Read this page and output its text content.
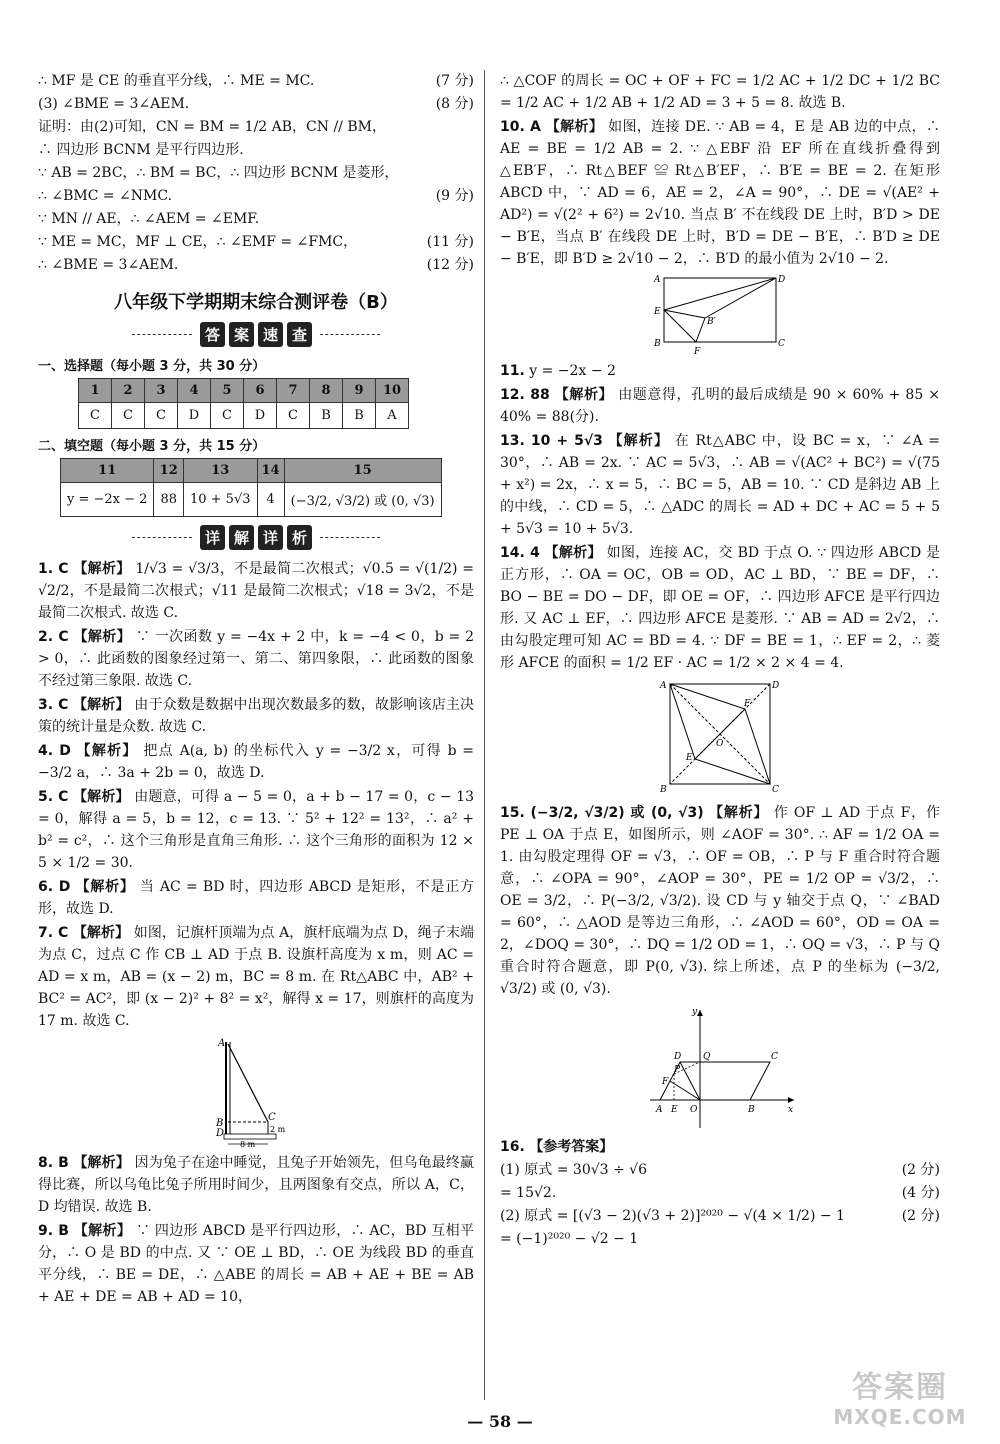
∴ MF 是 CE 的垂直平分线，∴ ME = MC.	(7 分)
(3) ∠BME = 3∠AEM.	(8 分)
证明：由(2)可知，CN = BM = 1/2 AB，CN // BM，
∴ 四边形 BCNM 是平行四边形.
∵ AB = 2BC，∴ BM = BC，∴ 四边形 BCNM 是菱形，
∴ ∠BMC = ∠NMC.	(9 分)
∵ MN // AE，∴ ∠AEM = ∠EMF.
∵ ME = MC，MF ⊥ CE，∴ ∠EMF = ∠FMC，	(11 分)
∴ ∠BME = 3∠AEM.	(12 分)
八年级下学期期末综合测评卷（B）
答 案 速 查
一、选择题（每小题 3 分，共 30 分）
1	2	3	4	5	6	7	8	9	10
C	C	C	D	C	D	C	B	B	A
二、填空题（每小题 3 分，共 15 分）
11	12	13	14	15
y = −2x − 2	88	10 + 5√3	4	(−3/2, √3/2) 或 (0, √3)
详 解 详 析
1. C 【解析】 1/√3 = √3/3，不是最简二次根式；√0.5 = √(1/2) = √2/2，不是最简二次根式；√11 是最简二次根式；√18 = 3√2，不是最简二次根式. 故选 C.
2. C 【解析】 ∵ 一次函数 y = −4x + 2 中，k = −4 < 0，b = 2 > 0，∴ 此函数的图象经过第一、第二、第四象限，∴ 此函数的图象不经过第三象限. 故选 C.
3. C 【解析】 由于众数是数据中出现次数最多的数，故影响该店主决策的统计量是众数. 故选 C.
4. D 【解析】 把点 A(a, b) 的坐标代入 y = −3/2 x，可得 b = −3/2 a，∴ 3a + 2b = 0，故选 D.
5. C 【解析】 由题意，可得 a − 5 = 0，a + b − 17 = 0，c − 13 = 0，解得 a = 5，b = 12，c = 13. ∵ 5² + 12² = 13²，∴ a² + b² = c²，∴ 这个三角形是直角三角形. ∴ 这个三角形的面积为 12 × 5 × 1/2 = 30.
6. D 【解析】 当 AC = BD 时，四边形 ABCD 是矩形，不是正方形，故选 D.
7. C 【解析】 如图，记旗杆顶端为点 A，旗杆底端为点 D，绳子末端为点 C，过点 C 作 CB ⊥ AD 于点 B. 设旗杆高度为 x m，则 AC = AD = x m，AB = (x − 2) m，BC = 8 m. 在 Rt△ABC 中，AB² + BC² = AC²，即 (x − 2)² + 8² = x²，解得 x = 17，则旗杆的高度为 17 m. 故选 C.
A
B
D
C
2 m
8 m
8. B 【解析】 因为兔子在途中睡觉，且兔子开始领先，但乌龟最终赢得比赛，所以乌龟比兔子所用时间少，且两图象有交点，所以 A，C，D 均错误. 故选 B.
9. B 【解析】 ∵ 四边形 ABCD 是平行四边形，∴ AC，BD 互相平分，∴ O 是 BD 的中点. 又 ∵ OE ⊥ BD，∴ OE 为线段 BD 的垂直平分线，∴ BE = DE，∴ △ABE 的周长 = AB + AE + BE = AB + AE + DE = AB + AD = 10，
∴ △COF 的周长 = OC + OF + FC = 1/2 AC + 1/2 DC + 1/2 BC = 1/2 AC + 1/2 AB + 1/2 AD = 3 + 5 = 8. 故选 B.
10. A 【解析】 如图，连接 DE. ∵ AB = 4，E 是 AB 边的中点，∴ AE = BE = 1/2 AB = 2. ∵ △EBF 沿 EF 所在直线折叠得到 △EB′F，∴ Rt△BEF ≌ Rt△B′EF，∴ B′E = BE = 2. 在矩形 ABCD 中，∵ AD = 6，AE = 2，∠A = 90°，∴ DE = √(AE² + AD²) = √(2² + 6²) = 2√10. 当点 B′ 不在线段 DE 上时，B′D > DE − B′E，当点 B′ 在线段 DE 上时，B′D = DE − B′E，∴ B′D ≥ DE − B′E，即 B′D ≥ 2√10 − 2，∴ B′D 的最小值为 2√10 − 2.
A	D
E
B′
B
F
C
11. y = −2x − 2
12. 88 【解析】 由题意得，孔明的最后成绩是 90 × 60% + 85 × 40% = 88(分).
13. 10 + 5√3 【解析】 在 Rt△ABC 中，设 BC = x，∵ ∠A = 30°，∴ AB = 2x. ∵ AC = 5√3，∴ AB = √(AC² + BC²) = √(75 + x²) = 2x，∴ x = 5，∴ BC = 5，AB = 10. ∵ CD 是斜边 AB 上的中线，∴ CD = 5，∴ △ADC 的周长 = AD + DC + AC = 5 + 5 + 5√3 = 10 + 5√3.
14. 4 【解析】 如图，连接 AC，交 BD 于点 O. ∵ 四边形 ABCD 是正方形，∴ OA = OC，OB = OD，AC ⊥ BD，∵ BE = DF，∴ BO − BE = DO − DF，即 OE = OF，∴ 四边形 AFCE 是平行四边形. 又 AC ⊥ EF，∴ 四边形 AFCE 是菱形. ∵ AB = AD = 2√2，∴ 由勾股定理可知 AC = BD = 4. ∵ DF = BE = 1，∴ EF = 2，∴ 菱形 AFCE 的面积 = 1/2 EF · AC = 1/2 × 2 × 4 = 4.
A	D
F
O
E
B	C
15. (−3/2, √3/2) 或 (0, √3) 【解析】 作 OF ⊥ AD 于点 F，作 PE ⊥ OA 于点 E，如图所示，则 ∠AOF = 30°. ∴ AF = 1/2 OA = 1. 由勾股定理得 OF = √3，∴ OF = OB，∴ P 与 F 重合时符合题意，∴ ∠OPA = 90°，∠AOP = 30°，PE = 1/2 OP = √3/2，∴ OE = 3/2，∴ P(−3/2, √3/2). 设 CD 与 y 轴交于点 Q，∵ ∠BAD = 60°，∴ △AOD 是等边三角形，∴ ∠AOD = 60°，OD = OA = 2，∠DOQ = 30°，∴ DQ = 1/2 OD = 1，∴ OQ = √3，∴ P 与 Q 重合时符合题意，即 P(0, √3). 综上所述，点 P 的坐标为 (−3/2, √3/2) 或 (0, √3).
y
x
D Q	C
P
F
A E O	B
16. 【参考答案】
(1) 原式 = 30√3 ÷ √6	(2 分)
= 15√2.	(4 分)
(2) 原式 = [(√3 − 2)(√3 + 2)]²⁰²⁰ − √(4 × 1/2) − 1	(2 分)
= (−1)²⁰²⁰ − √2 − 1
— 58 —
答案圈
MXQE.COM
